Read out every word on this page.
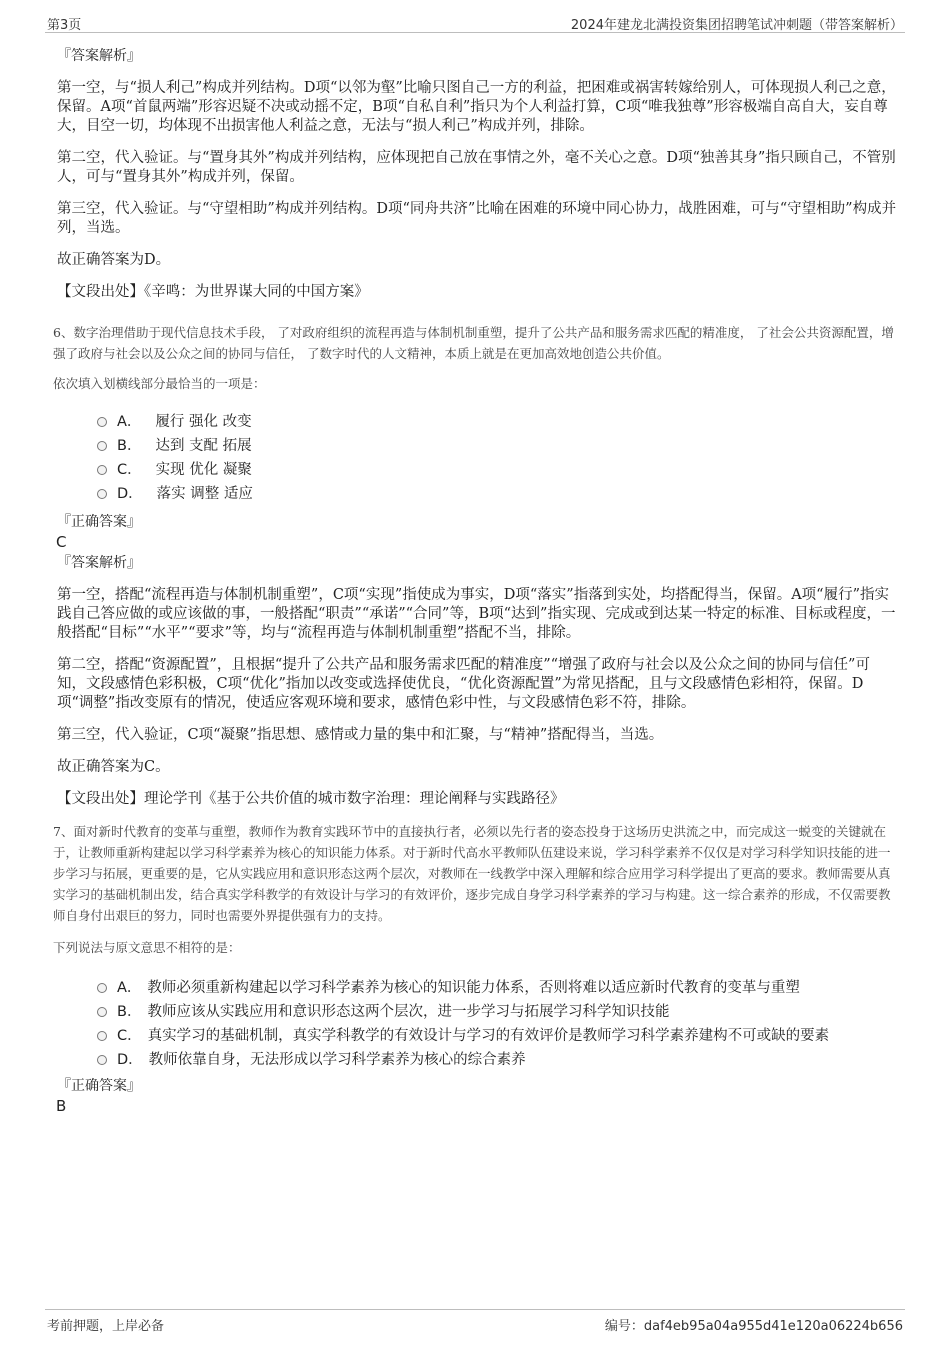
第3页	2024年建龙北满投资集团招聘笔试冲刺题（带答案解析）

『答案解析』

第一空，与“损人利己”构成并列结构。D项“以邻为壑”比喻只图自己一方的利益，把困难或祸害转嫁给别人，可体现损人利己之意，保留。A项“首鼠两端”形容迟疑不决或动摇不定，B项“自私自利”指只为个人利益打算，C项“唯我独尊”形容极端自高自大，妄自尊大，目空一切，均体现不出损害他人利益之意，无法与“损人利己”构成并列，排除。

第二空，代入验证。与“置身其外”构成并列结构，应体现把自己放在事情之外，毫不关心之意。D项“独善其身”指只顾自己，不管别人，可与“置身其外”构成并列，保留。

第三空，代入验证。与“守望相助”构成并列结构。D项“同舟共济”比喻在困难的环境中同心协力，战胜困难，可与“守望相助”构成并列，当选。

故正确答案为D。

【文段出处】《辛鸣：为世界谋大同的中国方案》

6、数字治理借助于现代信息技术手段， 了对政府组织的流程再造与体制机制重塑，提升了公共产品和服务需求匹配的精准度， 了社会公共资源配置，增强了政府与社会以及公众之间的协同与信任， 了数字时代的人文精神，本质上就是在更加高效地创造公共价值。

依次填入划横线部分最恰当的一项是：

A． 履行 强化 改变
B． 达到 支配 拓展
C． 实现 优化 凝聚
D． 落实 调整 适应

『正确答案』

C

『答案解析』

第一空，搭配“流程再造与体制机制重塑”，C项“实现”指使成为事实，D项“落实”指落到实处，均搭配得当，保留。A项“履行”指实践自己答应做的或应该做的事，一般搭配“职责”“承诺”“合同”等，B项“达到”指实现、完成或到达某一特定的标准、目标或程度，一般搭配“目标”“水平”“要求”等，均与“流程再造与体制机制重塑”搭配不当，排除。

第二空，搭配“资源配置”，且根据“提升了公共产品和服务需求匹配的精准度”“增强了政府与社会以及公众之间的协同与信任”可知，文段感情色彩积极，C项“优化”指加以改变或选择使优良，“优化资源配置”为常见搭配，且与文段感情色彩相符，保留。D项“调整”指改变原有的情况，使适应客观环境和要求，感情色彩中性，与文段感情色彩不符，排除。

第三空，代入验证，C项“凝聚”指思想、感情或力量的集中和汇聚，与“精神”搭配得当，当选。

故正确答案为C。

【文段出处】理论学刊《基于公共价值的城市数字治理：理论阐释与实践路径》

7、面对新时代教育的变革与重塑，教师作为教育实践环节中的直接执行者，必须以先行者的姿态投身于这场历史洪流之中，而完成这一蜕变的关键就在于，让教师重新构建起以学习科学素养为核心的知识能力体系。对于新时代高水平教师队伍建设来说，学习科学素养不仅仅是对学习科学知识技能的进一步学习与拓展，更重要的是，它从实践应用和意识形态这两个层次，对教师在一线教学中深入理解和综合应用学习科学提出了更高的要求。教师需要从真实学习的基础机制出发，结合真实学科教学的有效设计与学习的有效评价，逐步完成自身学习科学素养的学习与构建。这一综合素养的形成，不仅需要教师自身付出艰巨的努力，同时也需要外界提供强有力的支持。

下列说法与原文意思不相符的是：

A． 教师必须重新构建起以学习科学素养为核心的知识能力体系，否则将难以适应新时代教育的变革与重塑
B． 教师应该从实践应用和意识形态这两个层次，进一步学习与拓展学习科学知识技能
C． 真实学习的基础机制，真实学科教学的有效设计与学习的有效评价是教师学习科学素养建构不可或缺的要素
D． 教师依靠自身，无法形成以学习科学素养为核心的综合素养

『正确答案』

B

考前押题，上岸必备	编号：daf4eb95a04a955d41e120a06224b656
